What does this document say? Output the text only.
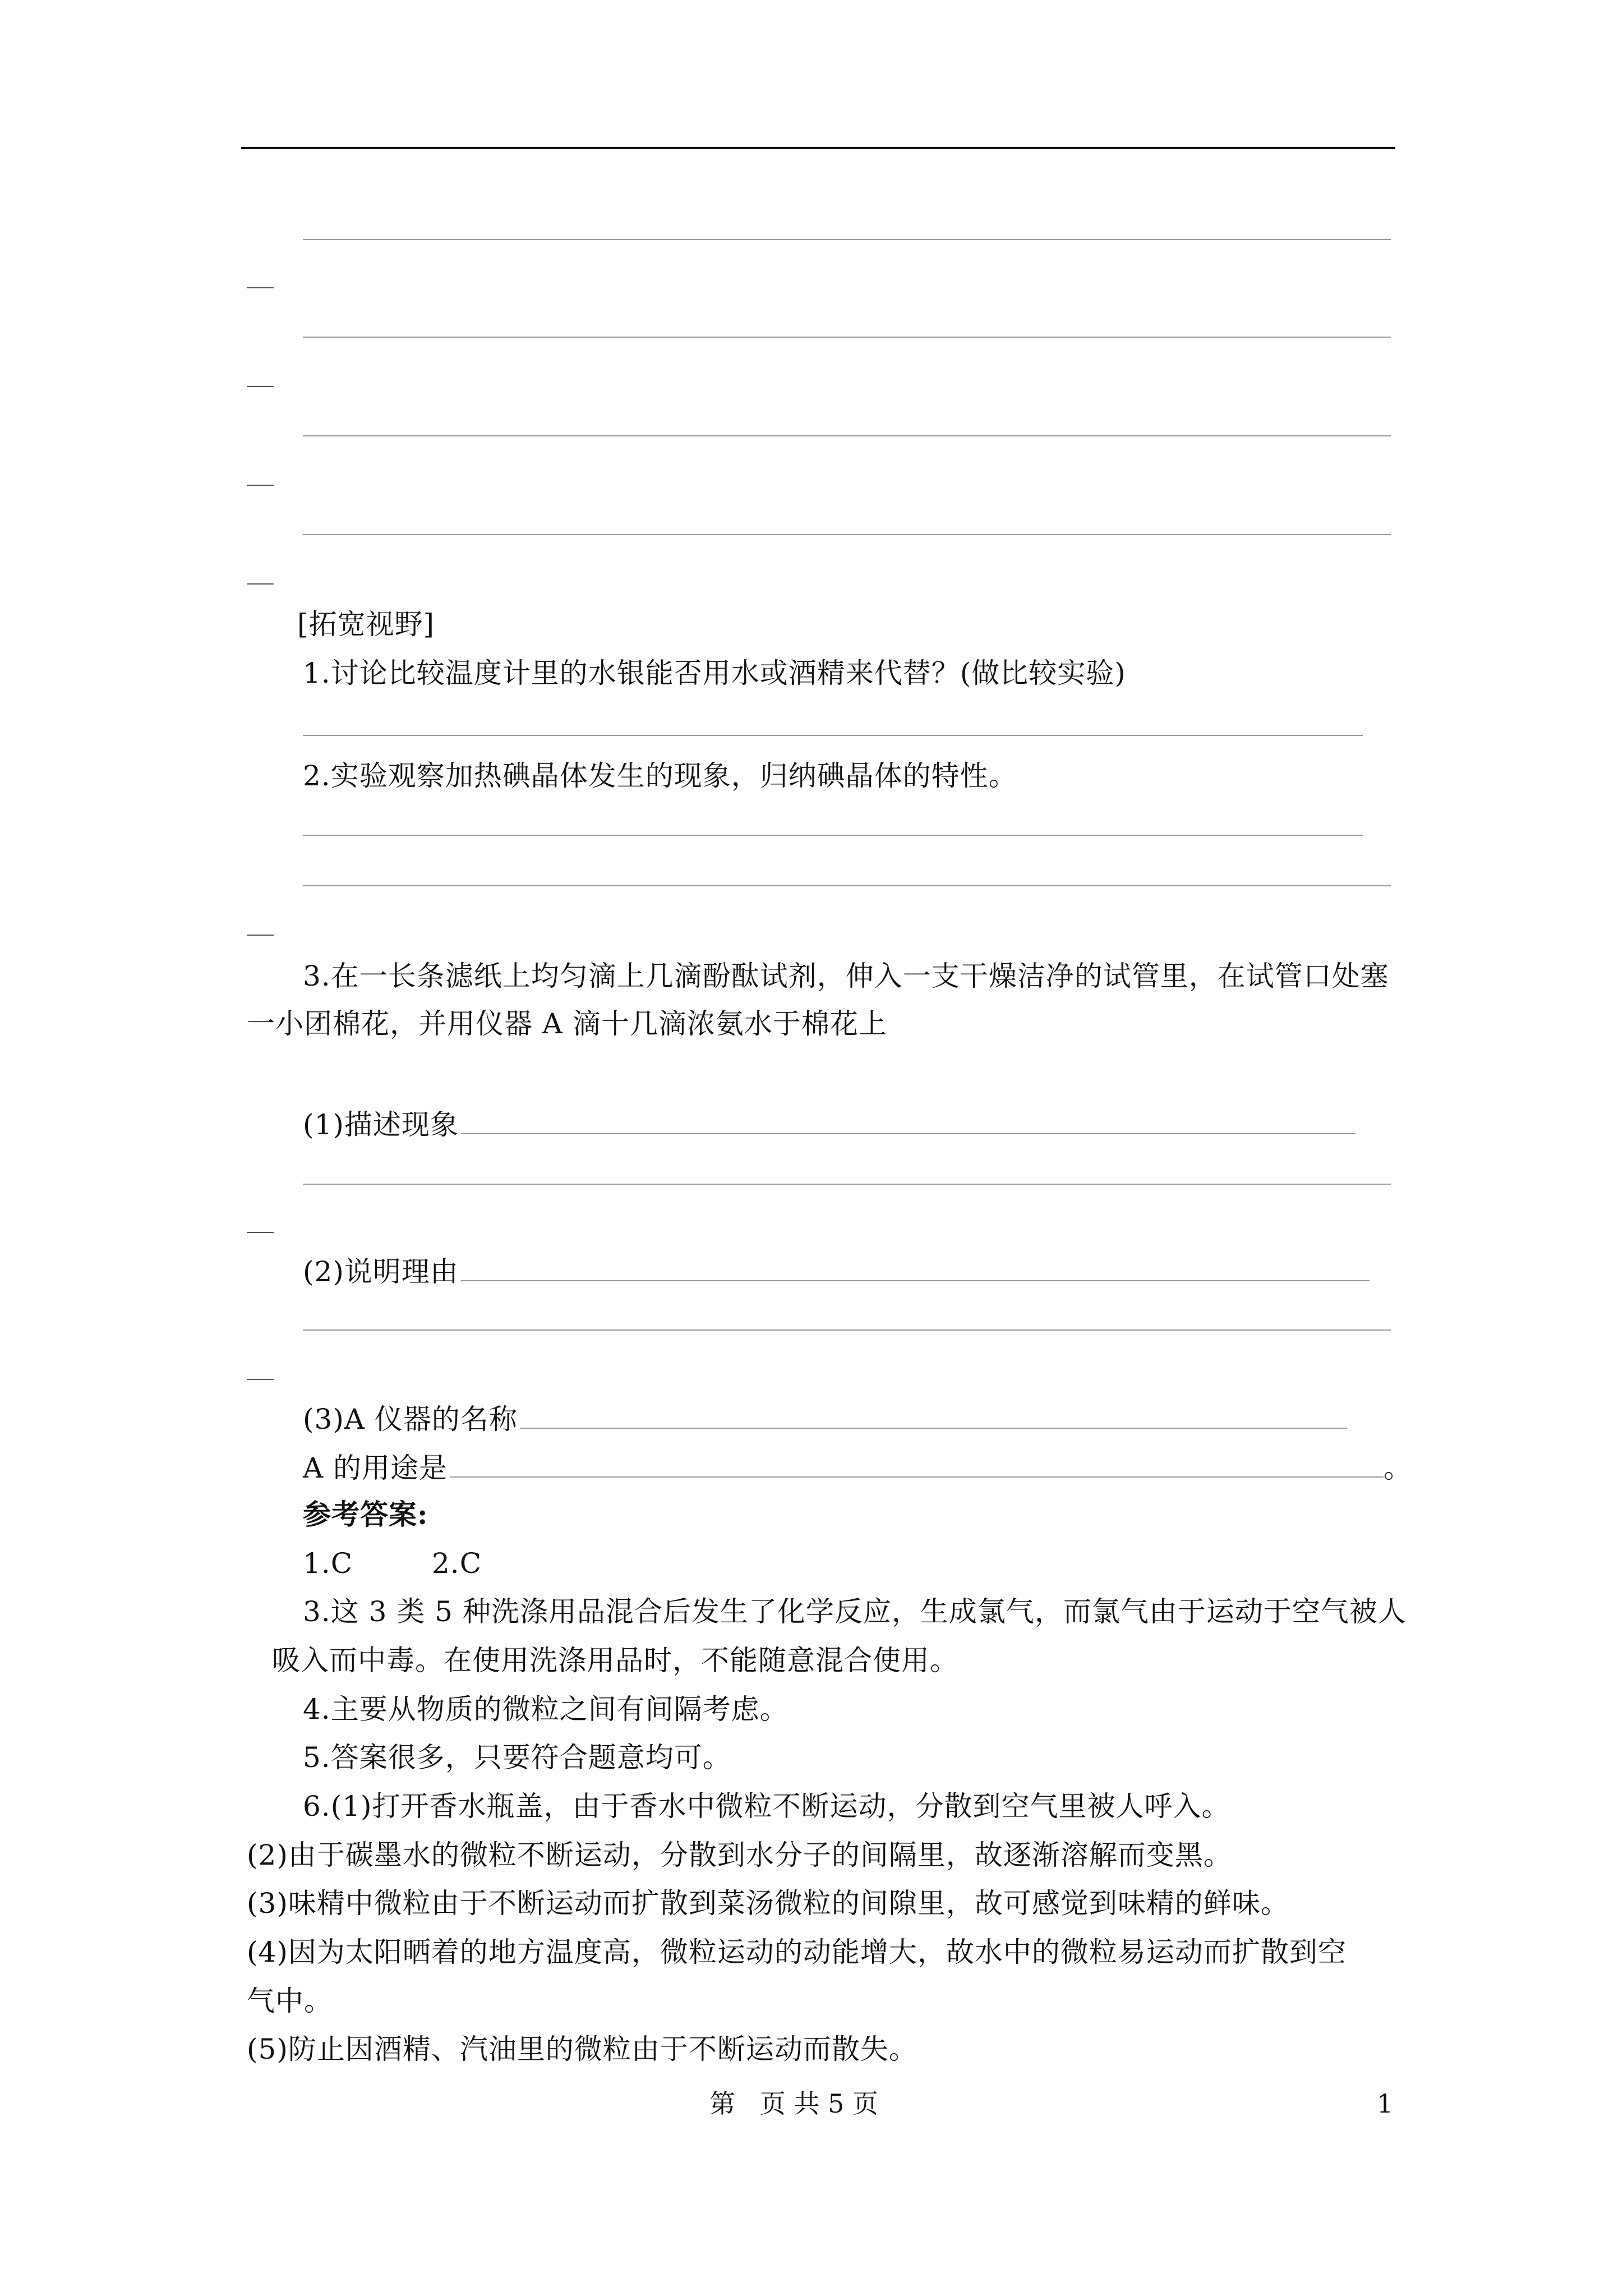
[拓宽视野]
1.讨论比较温度计里的水银能否用水或酒精来代替？(做比较实验)
2.实验观察加热碘晶体发生的现象，归纳碘晶体的特性。
3.在一长条滤纸上均匀滴上几滴酚酞试剂，伸入一支干燥洁净的试管里，在试管口处塞
一小团棉花，并用仪器 A 滴十几滴浓氨水于棉花上
(1)描述现象
(2)说明理由
(3)A 仪器的名称
A 的用途是	。
参考答案:
1.C	2.C
3.这 3 类 5 种洗涤用品混合后发生了化学反应，生成氯气，而氯气由于运动于空气被人
吸入而中毒。在使用洗涤用品时，不能随意混合使用。
4.主要从物质的微粒之间有间隔考虑。
5.答案很多，只要符合题意均可。
6.(1)打开香水瓶盖，由于香水中微粒不断运动，分散到空气里被人呼入。
(2)由于碳墨水的微粒不断运动，分散到水分子的间隔里，故逐渐溶解而变黑。
(3)味精中微粒由于不断运动而扩散到菜汤微粒的间隙里，故可感觉到味精的鲜味。
(4)因为太阳晒着的地方温度高，微粒运动的动能增大，故水中的微粒易运动而扩散到空
气中。
(5)防止因酒精、汽油里的微粒由于不断运动而散失。
第   页 共 5 页	1
